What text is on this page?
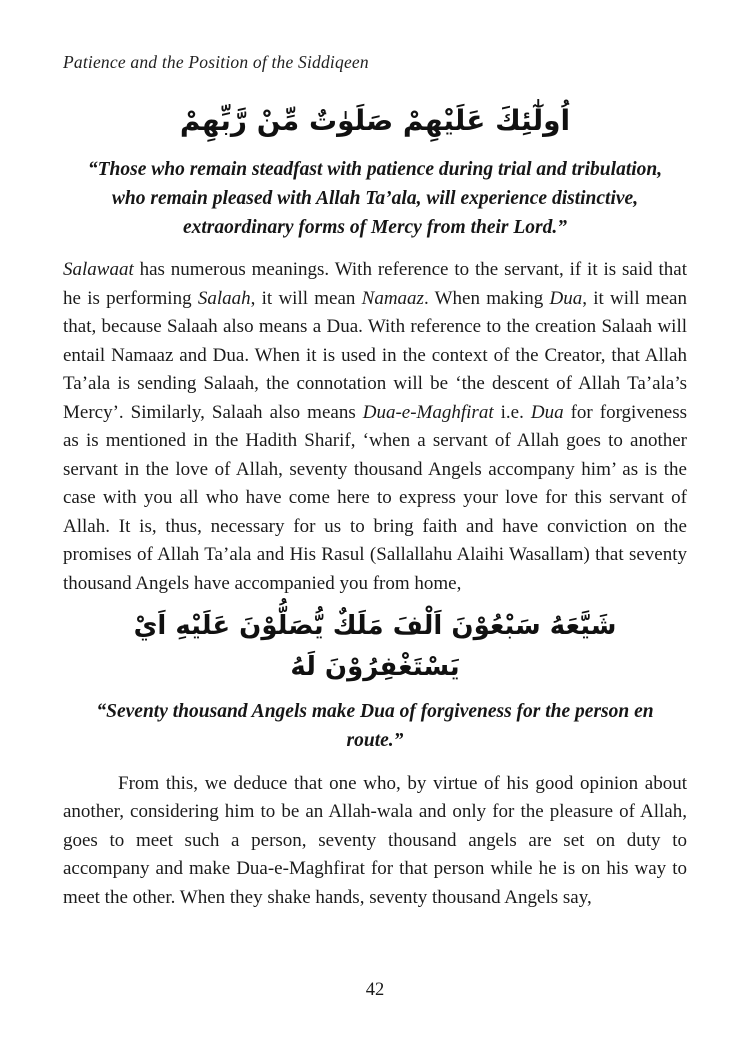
Patience and the Position of the Siddiqeen
اُولٰٓئِكَ عَلَيْهِمْ صَلَوٰتٌ مِّنْ رَّبِّهِمْ
“Those who remain steadfast with patience during trial and tribulation, who remain pleased with Allah Ta’ala, will experience distinctive, extraordinary forms of Mercy from their Lord.”

Salawaat has numerous meanings. With reference to the servant, if it is said that he is performing Salaah, it will mean Namaaz. When making Dua, it will mean that, because Salaah also means a Dua. With reference to the creation Salaah will entail Namaaz and Dua. When it is used in the context of the Creator, that Allah Ta’ala is sending Salaah, the connotation will be ‘the descent of Allah Ta’ala’s Mercy’. Similarly, Salaah also means Dua-e-Maghfirat i.e. Dua for forgiveness as is mentioned in the Hadith Sharif, ‘when a servant of Allah goes to another servant in the love of Allah, seventy thousand Angels accompany him’ as is the case with you all who have come here to express your love for this servant of Allah. It is, thus, necessary for us to bring faith and have conviction on the promises of Allah Ta’ala and His Rasul (Sallallahu Alaihi Wasallam) that seventy thousand Angels have accompanied you from home,

شَيَّعَهُ سَبْعُوْنَ اَلْفَ مَلَكٌ يُّصَلُّوْنَ عَلَيْهِ اَيْ يَسْتَغْفِرُوْنَ لَهُ
“Seventy thousand Angels make Dua of forgiveness for the person en route.”

From this, we deduce that one who, by virtue of his good opinion about another, considering him to be an Allah-wala and only for the pleasure of Allah, goes to meet such a person, seventy thousand angels are set on duty to accompany and make Dua-e-Maghfirat for that person while he is on his way to meet the other. When they shake hands, seventy thousand Angels say,

42
